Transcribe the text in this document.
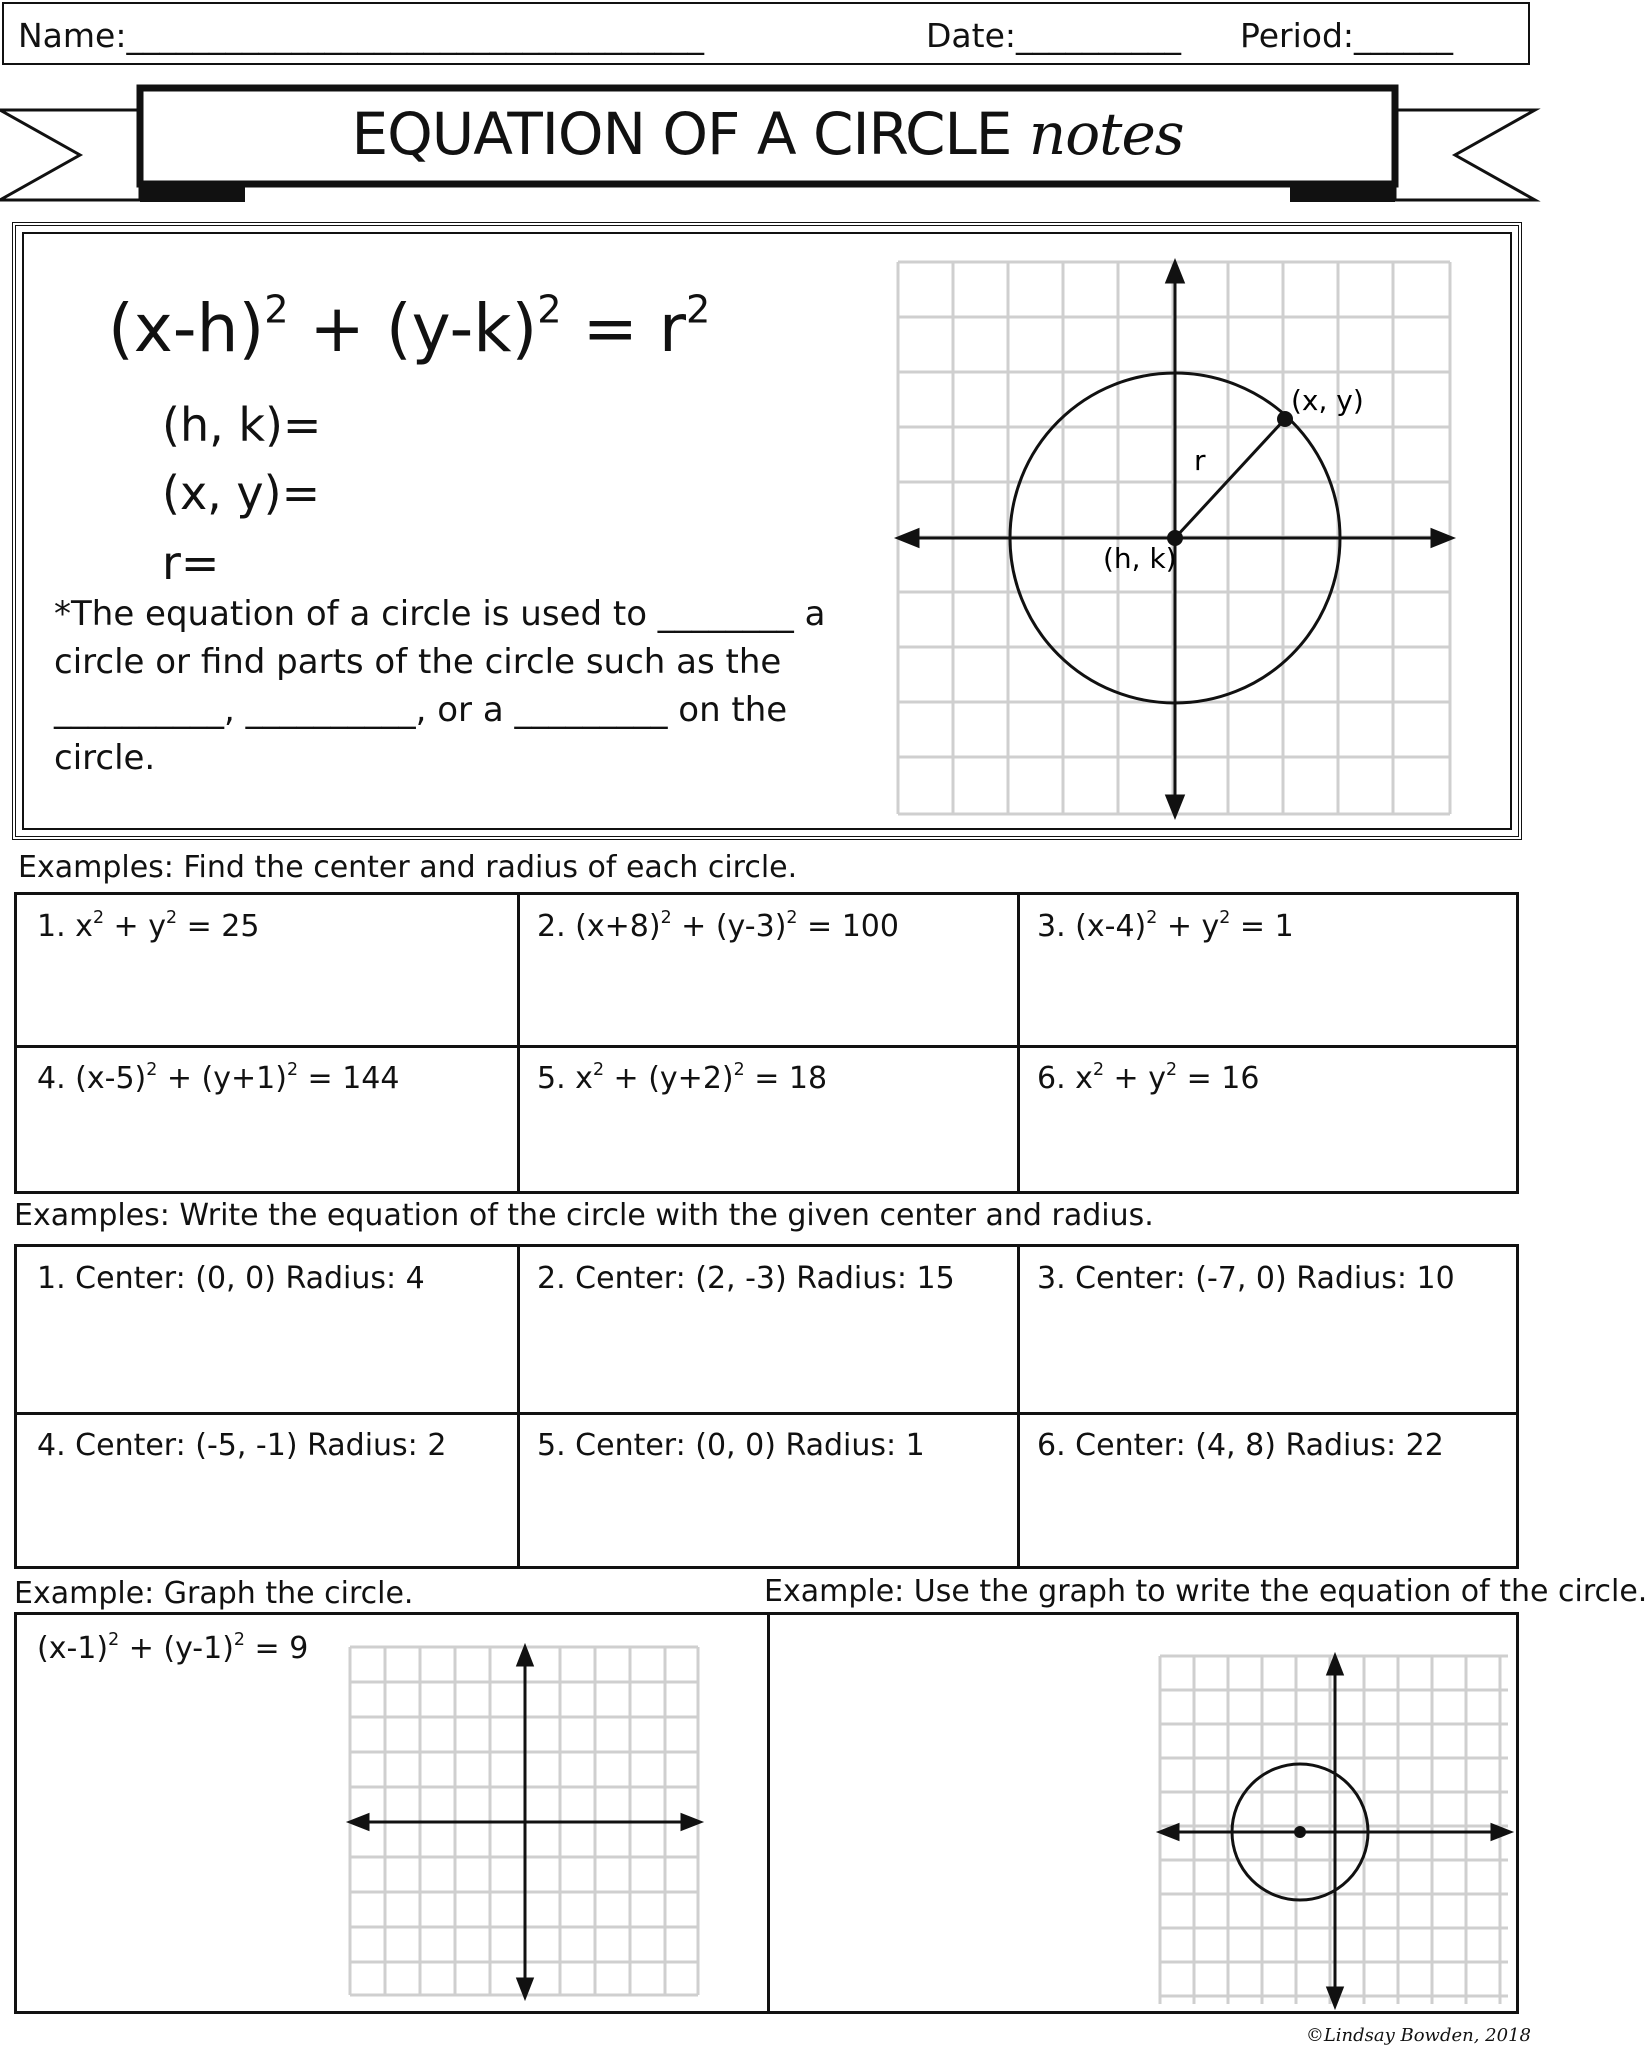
Name:___________________________________	Date:__________ Period:______
EQUATION OF A CIRCLE notes
$(x-h)^2 + (y-k)^2 = r^2$
(h, k)=
(x, y)=
r=
*The equation of a circle is used to ________ a circle or find parts of the circle such as the __________, __________, or a _________ on the circle.
(x, y)
r
(h, k)
Examples: Find the center and radius of each circle.
1. $x^2 + y^2 = 25$	2. $(x+8)^2 + (y-3)^2 = 100$	3. $(x-4)^2 + y^2 = 1$
4. $(x-5)^2 + (y+1)^2 = 144$	5. $x^2 + (y+2)^2 = 18$	6. $x^2 + y^2 = 16$
Examples: Write the equation of the circle with the given center and radius.
1. Center: (0, 0) Radius: 4	2. Center: (2, -3) Radius: 15	3. Center: (-7, 0) Radius: 10
4. Center: (-5, -1) Radius: 2	5. Center: (0, 0) Radius: 1	6. Center: (4, 8) Radius: 22
Example: Graph the circle.	Example: Use the graph to write the equation of the circle.
$(x-1)^2 + (y-1)^2 = 9$
©Lindsay Bowden, 2018
